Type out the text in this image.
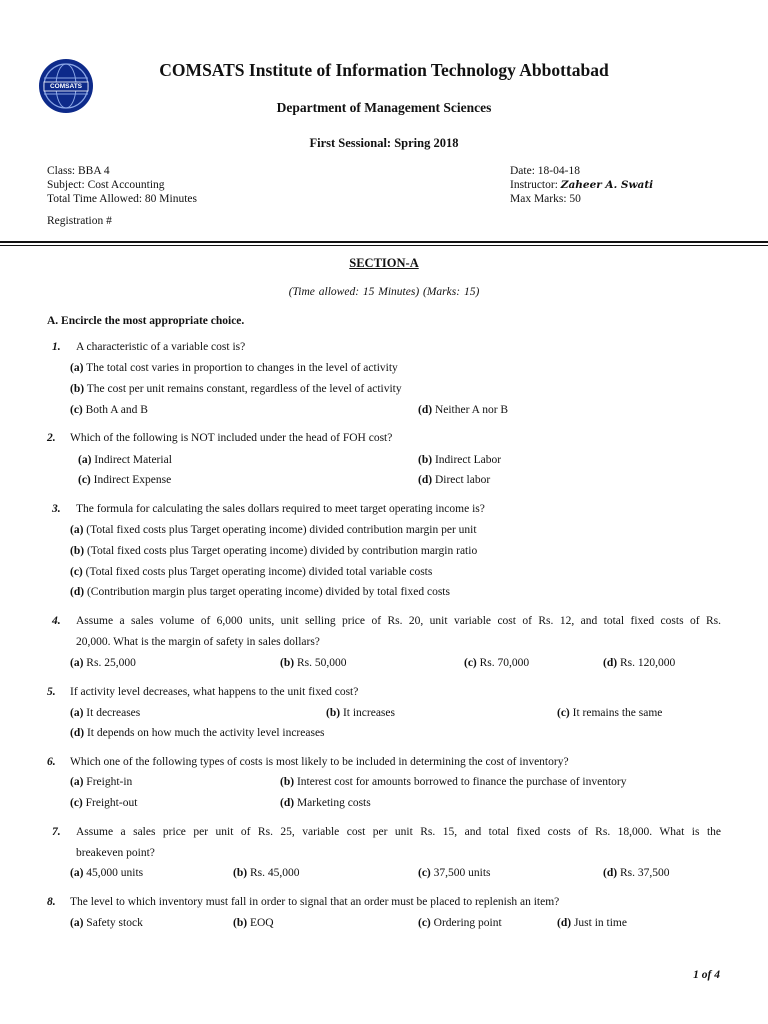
COMSATS
COMSATS Institute of Information Technology Abbottabad
Department of Management Sciences
First Sessional: Spring 2018
Class: BBA 4
Subject: Cost Accounting
Total Time Allowed: 80 Minutes
Registration #
Date: 18-04-18
Instructor: Zaheer A. Swati
Max Marks: 50
SECTION-A
(Time allowed: 15 Minutes) (Marks: 15)
A. Encircle the most appropriate choice.
1. A characteristic of a variable cost is?
(a) The total cost varies in proportion to changes in the level of activity
(b) The cost per unit remains constant, regardless of the level of activity
(c) Both A and B	(d) Neither A nor B
2. Which of the following is NOT included under the head of FOH cost?
(a) Indirect Material	(b) Indirect Labor
(c) Indirect Expense	(d) Direct labor
3. The formula for calculating the sales dollars required to meet target operating income is?
(a) (Total fixed costs plus Target operating income) divided contribution margin per unit
(b) (Total fixed costs plus Target operating income) divided by contribution margin ratio
(c) (Total fixed costs plus Target operating income) divided total variable costs
(d) (Contribution margin plus target operating income) divided by total fixed costs
4. Assume a sales volume of 6,000 units, unit selling price of Rs. 20, unit variable cost of Rs. 12, and total fixed costs of Rs.
20,000. What is the margin of safety in sales dollars?
(a) Rs. 25,000	(b) Rs. 50,000	(c) Rs. 70,000	(d) Rs. 120,000
5. If activity level decreases, what happens to the unit fixed cost?
(a) It decreases	(b) It increases	(c) It remains the same
(d) It depends on how much the activity level increases
6. Which one of the following types of costs is most likely to be included in determining the cost of inventory?
(a) Freight-in	(b) Interest cost for amounts borrowed to finance the purchase of inventory
(c) Freight-out	(d) Marketing costs
7. Assume a sales price per unit of Rs. 25, variable cost per unit Rs. 15, and total fixed costs of Rs. 18,000. What is the
breakeven point?
(a) 45,000 units	(b) Rs. 45,000	(c) 37,500 units	(d) Rs. 37,500
8. The level to which inventory must fall in order to signal that an order must be placed to replenish an item?
(a) Safety stock	(b) EOQ	(c) Ordering point	(d) Just in time
1 of 4
